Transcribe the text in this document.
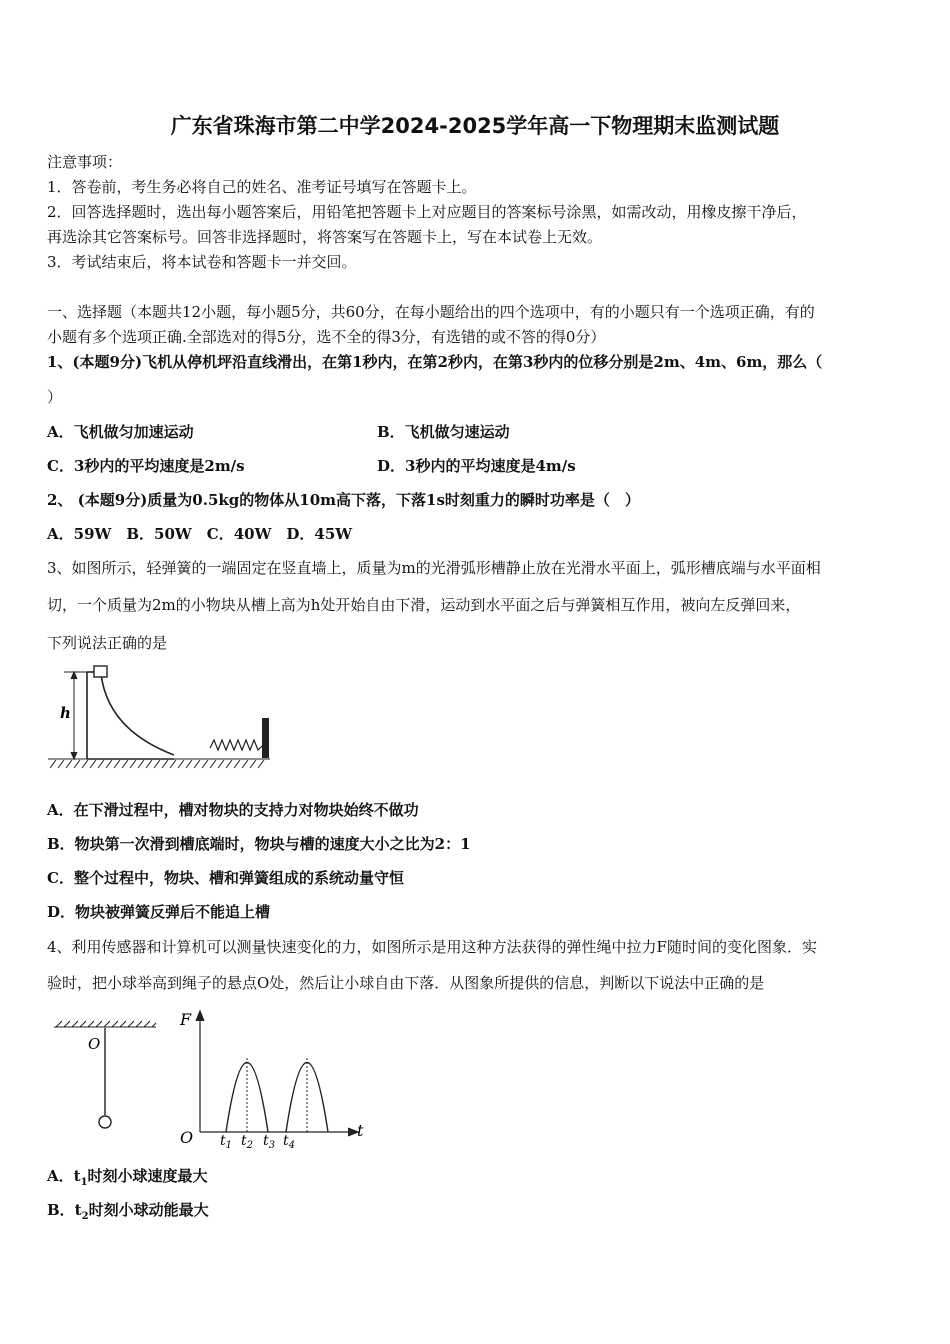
广东省珠海市第二中学2024-2025学年高一下物理期末监测试题
注意事项：
1．答卷前，考生务必将自己的姓名、准考证号填写在答题卡上。
2．回答选择题时，选出每小题答案后，用铅笔把答题卡上对应题目的答案标号涂黑，如需改动，用橡皮擦干净后，
再选涂其它答案标号。回答非选择题时，将答案写在答题卡上，写在本试卷上无效。
3．考试结束后，将本试卷和答题卡一并交回。
一、选择题（本题共12小题，每小题5分，共60分，在每小题给出的四个选项中，有的小题只有一个选项正确，有的
小题有多个选项正确.全部选对的得5分，选不全的得3分，有选错的或不答的得0分）
1、(本题9分)飞机从停机坪沿直线滑出，在第1秒内，在第2秒内，在第3秒内的位移分别是2m、4m、6m，那么（
）
A．飞机做匀加速运动	B．飞机做匀速运动
C．3秒内的平均速度是2m/s	D．3秒内的平均速度是4m/s
2、 (本题9分)质量为0.5kg的物体从10m高下落，下落1s时刻重力的瞬时功率是（　）
A．59W　B．50W　C．40W　D．45W
3、如图所示，轻弹簧的一端固定在竖直墙上，质量为m的光滑弧形槽静止放在光滑水平面上，弧形槽底端与水平面相
切，一个质量为2m的小物块从槽上高为h处开始自由下滑，运动到水平面之后与弹簧相互作用，被向左反弹回来，
下列说法正确的是
h
A．在下滑过程中，槽对物块的支持力对物块始终不做功
B．物块第一次滑到槽底端时，物块与槽的速度大小之比为2：1
C．整个过程中，物块、槽和弹簧组成的系统动量守恒
D．物块被弹簧反弹后不能追上槽
4、利用传感器和计算机可以测量快速变化的力，如图所示是用这种方法获得的弹性绳中拉力F随时间的变化图象．实
验时，把小球举高到绳子的悬点O处，然后让小球自由下落．从图象所提供的信息，判断以下说法中正确的是
O
F
t
O $t_1$ $t_2$ $t_3$ $t_4$
A．$t_1$时刻小球速度最大
B．$t_2$时刻小球动能最大
